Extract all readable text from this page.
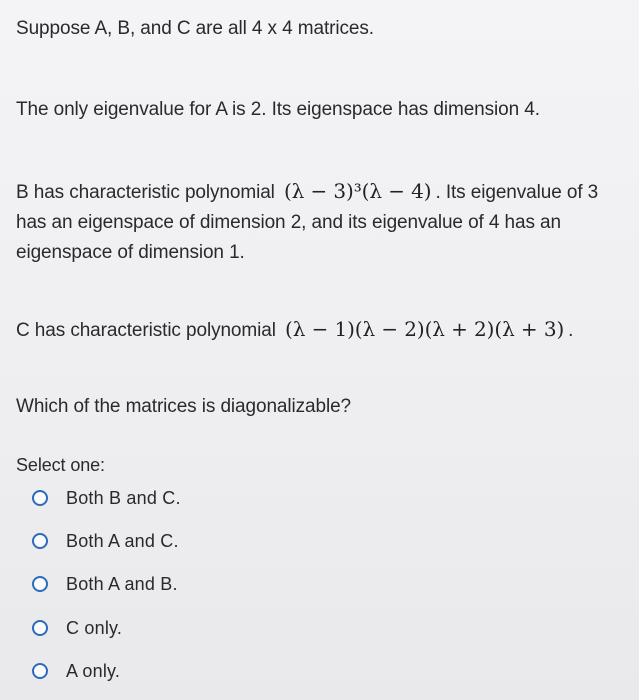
Suppose A, B, and C are all 4 x 4 matrices.
The only eigenvalue for A is 2. Its eigenspace has dimension 4.
B has characteristic polynomial (λ − 3)³(λ − 4) . Its eigenvalue of 3 has an eigenspace of dimension 2, and its eigenvalue of 4 has an eigenspace of dimension 1.
C has characteristic polynomial (λ − 1)(λ − 2)(λ + 2)(λ + 3) .
Which of the matrices is diagonalizable?
Select one:
Both B and C.
Both A and C.
Both A and B.
C only.
A only.
